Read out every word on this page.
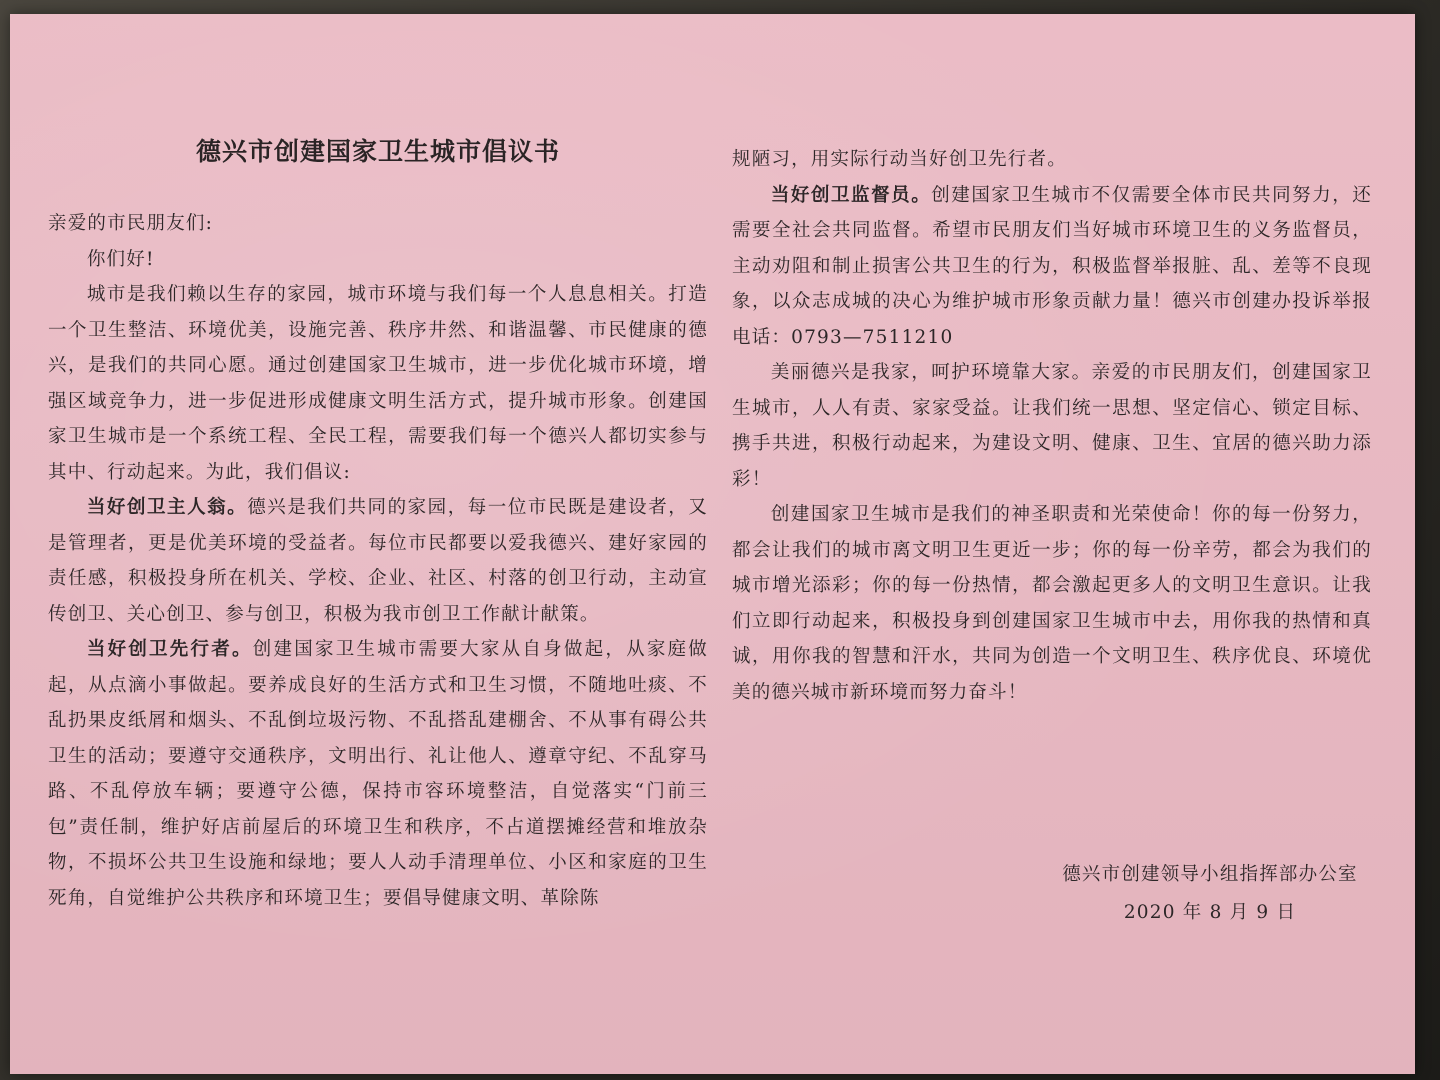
德兴市创建国家卫生城市倡议书

亲爱的市民朋友们:

你们好!

城市是我们赖以生存的家园，城市环境与我们每一个人息息相关。打造一个卫生整洁、环境优美，设施完善、秩序井然、和谐温馨、市民健康的德兴，是我们的共同心愿。通过创建国家卫生城市，进一步优化城市环境，增强区域竞争力，进一步促进形成健康文明生活方式，提升城市形象。创建国家卫生城市是一个系统工程、全民工程，需要我们每一个德兴人都切实参与其中、行动起来。为此，我们倡议:

当好创卫主人翁。德兴是我们共同的家园，每一位市民既是建设者，又是管理者，更是优美环境的受益者。每位市民都要以爱我德兴、建好家园的责任感，积极投身所在机关、学校、企业、社区、村落的创卫行动，主动宣传创卫、关心创卫、参与创卫，积极为我市创卫工作献计献策。

当好创卫先行者。创建国家卫生城市需要大家从自身做起，从家庭做起，从点滴小事做起。要养成良好的生活方式和卫生习惯，不随地吐痰、不乱扔果皮纸屑和烟头、不乱倒垃圾污物、不乱搭乱建棚舍、不从事有碍公共卫生的活动；要遵守交通秩序，文明出行、礼让他人、遵章守纪、不乱穿马路、不乱停放车辆；要遵守公德，保持市容环境整洁，自觉落实“门前三包”责任制，维护好店前屋后的环境卫生和秩序，不占道摆摊经营和堆放杂物，不损坏公共卫生设施和绿地；要人人动手清理单位、小区和家庭的卫生死角，自觉维护公共秩序和环境卫生；要倡导健康文明、革除陈

规陋习，用实际行动当好创卫先行者。

当好创卫监督员。创建国家卫生城市不仅需要全体市民共同努力，还需要全社会共同监督。希望市民朋友们当好城市环境卫生的义务监督员，主动劝阻和制止损害公共卫生的行为，积极监督举报脏、乱、差等不良现象，以众志成城的决心为维护城市形象贡献力量！德兴市创建办投诉举报电话：0793—7511210

美丽德兴是我家，呵护环境靠大家。亲爱的市民朋友们，创建国家卫生城市，人人有责、家家受益。让我们统一思想、坚定信心、锁定目标、携手共进，积极行动起来，为建设文明、健康、卫生、宜居的德兴助力添彩！

创建国家卫生城市是我们的神圣职责和光荣使命！你的每一份努力，都会让我们的城市离文明卫生更近一步；你的每一份辛劳，都会为我们的城市增光添彩；你的每一份热情，都会激起更多人的文明卫生意识。让我们立即行动起来，积极投身到创建国家卫生城市中去，用你我的热情和真诚，用你我的智慧和汗水，共同为创造一个文明卫生、秩序优良、环境优美的德兴城市新环境而努力奋斗！

德兴市创建领导小组指挥部办公室
2020 年 8 月 9 日
